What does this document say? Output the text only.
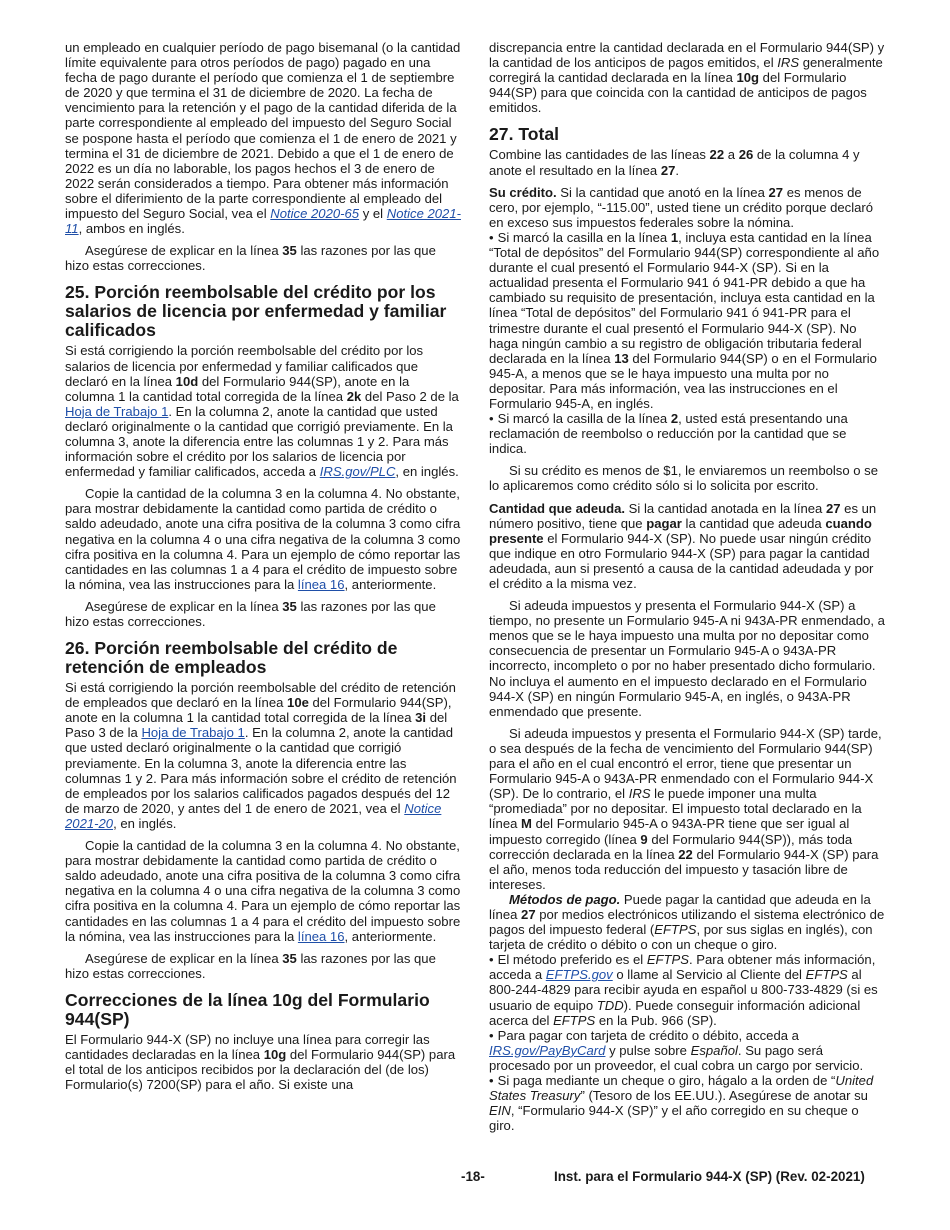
un empleado en cualquier período de pago bisemanal (o la cantidad límite equivalente para otros períodos de pago) pagado en una fecha de pago durante el período que comienza el 1 de septiembre de 2020 y que termina el 31 de diciembre de 2020. La fecha de vencimiento para la retención y el pago de la cantidad diferida de la parte correspondiente al empleado del impuesto del Seguro Social se pospone hasta el período que comienza el 1 de enero de 2021 y termina el 31 de diciembre de 2021. Debido a que el 1 de enero de 2022 es un día no laborable, los pagos hechos el 3 de enero de 2022 serán considerados a tiempo. Para obtener más información sobre el diferimiento de la parte correspondiente al empleado del impuesto del Seguro Social, vea el Notice 2020-65 y el Notice 2021-11, ambos en inglés.

Asegúrese de explicar en la línea 35 las razones por las que hizo estas correcciones.

25. Porción reembolsable del crédito por los salarios de licencia por enfermedad y familiar calificados

Si está corrigiendo la porción reembolsable del crédito por los salarios de licencia por enfermedad y familiar calificados que declaró en la línea 10d del Formulario 944(SP), anote en la columna 1 la cantidad total corregida de la línea 2k del Paso 2 de la Hoja de Trabajo 1. En la columna 2, anote la cantidad que usted declaró originalmente o la cantidad que corrigió previamente. En la columna 3, anote la diferencia entre las columnas 1 y 2. Para más información sobre el crédito por los salarios de licencia por enfermedad y familiar calificados, acceda a IRS.gov/PLC, en inglés.

Copie la cantidad de la columna 3 en la columna 4. No obstante, para mostrar debidamente la cantidad como partida de crédito o saldo adeudado, anote una cifra positiva de la columna 3 como cifra negativa en la columna 4 o una cifra negativa de la columna 3 como cifra positiva en la columna 4. Para un ejemplo de cómo reportar las cantidades en las columnas 1 a 4 para el crédito de impuesto sobre la nómina, vea las instrucciones para la línea 16, anteriormente.

Asegúrese de explicar en la línea 35 las razones por las que hizo estas correcciones.

26. Porción reembolsable del crédito de retención de empleados

Si está corrigiendo la porción reembolsable del crédito de retención de empleados que declaró en la línea 10e del Formulario 944(SP), anote en la columna 1 la cantidad total corregida de la línea 3i del Paso 3 de la Hoja de Trabajo 1. En la columna 2, anote la cantidad que usted declaró originalmente o la cantidad que corrigió previamente. En la columna 3, anote la diferencia entre las columnas 1 y 2. Para más información sobre el crédito de retención de empleados por los salarios calificados pagados después del 12 de marzo de 2020, y antes del 1 de enero de 2021, vea el Notice 2021-20, en inglés.

Copie la cantidad de la columna 3 en la columna 4. No obstante, para mostrar debidamente la cantidad como partida de crédito o saldo adeudado, anote una cifra positiva de la columna 3 como cifra negativa en la columna 4 o una cifra negativa de la columna 3 como cifra positiva en la columna 4. Para un ejemplo de cómo reportar las cantidades en las columnas 1 a 4 para el crédito del impuesto sobre la nómina, vea las instrucciones para la línea 16, anteriormente.

Asegúrese de explicar en la línea 35 las razones por las que hizo estas correcciones.

Correcciones de la línea 10g del Formulario 944(SP)

El Formulario 944-X (SP) no incluye una línea para corregir las cantidades declaradas en la línea 10g del Formulario 944(SP) para el total de los anticipos recibidos por la declaración del (de los) Formulario(s) 7200(SP) para el año. Si existe una

discrepancia entre la cantidad declarada en el Formulario 944(SP) y la cantidad de los anticipos de pagos emitidos, el IRS generalmente corregirá la cantidad declarada en la línea 10g del Formulario 944(SP) para que coincida con la cantidad de anticipos de pagos emitidos.

27. Total

Combine las cantidades de las líneas 22 a 26 de la columna 4 y anote el resultado en la línea 27.

Su crédito. Si la cantidad que anotó en la línea 27 es menos de cero, por ejemplo, “-115.00”, usted tiene un crédito porque declaró en exceso sus impuestos federales sobre la nómina.

• Si marcó la casilla en la línea 1, incluya esta cantidad en la línea “Total de depósitos” del Formulario 944(SP) correspondiente al año durante el cual presentó el Formulario 944-X (SP). Si en la actualidad presenta el Formulario 941 ó 941-PR debido a que ha cambiado su requisito de presentación, incluya esta cantidad en la línea “Total de depósitos” del Formulario 941 ó 941-PR para el trimestre durante el cual presentó el Formulario 944-X (SP). No haga ningún cambio a su registro de obligación tributaria federal declarada en la línea 13 del Formulario 944(SP) o en el Formulario 945-A, a menos que se le haya impuesto una multa por no depositar. Para más información, vea las instrucciones en el Formulario 945-A, en inglés.

• Si marcó la casilla de la línea 2, usted está presentando una reclamación de reembolso o reducción por la cantidad que se indica.

Si su crédito es menos de $1, le enviaremos un reembolso o se lo aplicaremos como crédito sólo si lo solicita por escrito.

Cantidad que adeuda. Si la cantidad anotada en la línea 27 es un número positivo, tiene que pagar la cantidad que adeuda cuando presente el Formulario 944-X (SP). No puede usar ningún crédito que indique en otro Formulario 944-X (SP) para pagar la cantidad adeudada, aun si presentó a causa de la cantidad adeudada y por el crédito a la misma vez.

Si adeuda impuestos y presenta el Formulario 944-X (SP) a tiempo, no presente un Formulario 945-A ni 943A-PR enmendado, a menos que se le haya impuesto una multa por no depositar como consecuencia de presentar un Formulario 945-A o 943A-PR incorrecto, incompleto o por no haber presentado dicho formulario. No incluya el aumento en el impuesto declarado en el Formulario 944-X (SP) en ningún Formulario 945-A, en inglés, o 943A-PR enmendado que presente.

Si adeuda impuestos y presenta el Formulario 944-X (SP) tarde, o sea después de la fecha de vencimiento del Formulario 944(SP) para el año en el cual encontró el error, tiene que presentar un Formulario 945-A o 943A-PR enmendado con el Formulario 944-X (SP). De lo contrario, el IRS le puede imponer una multa “promediada” por no depositar. El impuesto total declarado en la línea M del Formulario 945-A o 943A-PR tiene que ser igual al impuesto corregido (línea 9 del Formulario 944(SP)), más toda corrección declarada en la línea 22 del Formulario 944-X (SP) para el año, menos toda reducción del impuesto y tasación libre de intereses.

Métodos de pago. Puede pagar la cantidad que adeuda en la línea 27 por medios electrónicos utilizando el sistema electrónico de pagos del impuesto federal (EFTPS, por sus siglas en inglés), con tarjeta de crédito o débito o con un cheque o giro.

• El método preferido es el EFTPS. Para obtener más información, acceda a EFTPS.gov o llame al Servicio al Cliente del EFTPS al 800-244-4829 para recibir ayuda en español u 800-733-4829 (si es usuario de equipo TDD). Puede conseguir información adicional acerca del EFTPS en la Pub. 966 (SP).

• Para pagar con tarjeta de crédito o débito, acceda a IRS.gov/PayByCard y pulse sobre Español. Su pago será procesado por un proveedor, el cual cobra un cargo por servicio.

• Si paga mediante un cheque o giro, hágalo a la orden de “United States Treasury” (Tesoro de los EE.UU.). Asegúrese de anotar su EIN, “Formulario 944-X (SP)” y el año corregido en su cheque o giro.

-18-	Inst. para el Formulario 944-X (SP) (Rev. 02-2021)
